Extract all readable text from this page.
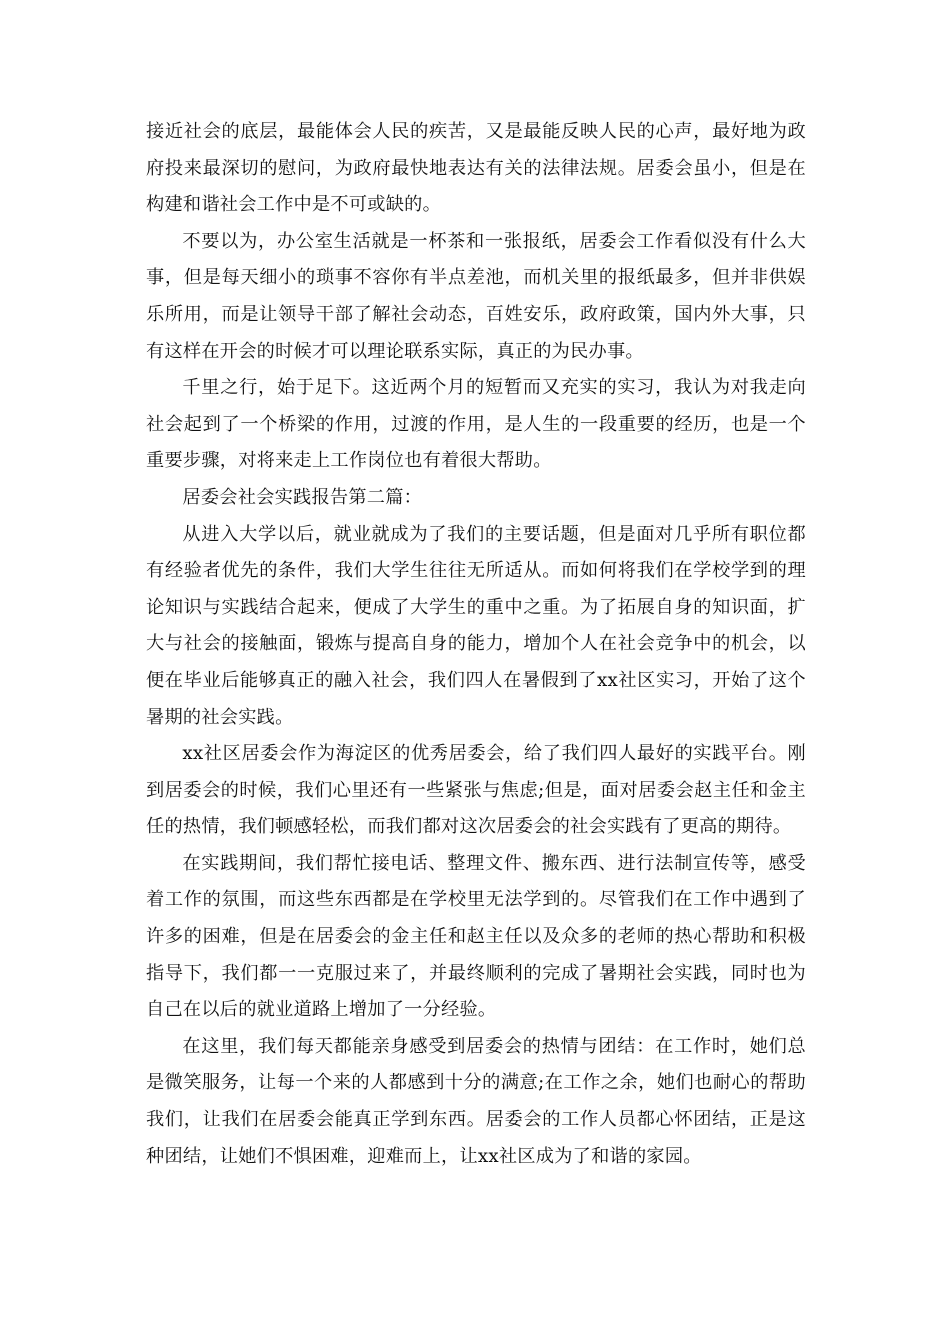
接近社会的底层，最能体会人民的疾苦，又是最能反映人民的心声，最好地为政府投来最深切的慰问，为政府最快地表达有关的法律法规。居委会虽小，但是在构建和谐社会工作中是不可或缺的。

不要以为，办公室生活就是一杯茶和一张报纸，居委会工作看似没有什么大事，但是每天细小的琐事不容你有半点差池，而机关里的报纸最多，但并非供娱乐所用，而是让领导干部了解社会动态，百姓安乐，政府政策，国内外大事，只有这样在开会的时候才可以理论联系实际，真正的为民办事。

千里之行，始于足下。这近两个月的短暂而又充实的实习，我认为对我走向社会起到了一个桥梁的作用，过渡的作用，是人生的一段重要的经历，也是一个重要步骤，对将来走上工作岗位也有着很大帮助。

居委会社会实践报告第二篇：

从进入大学以后，就业就成为了我们的主要话题，但是面对几乎所有职位都有经验者优先的条件，我们大学生往往无所适从。而如何将我们在学校学到的理论知识与实践结合起来，便成了大学生的重中之重。为了拓展自身的知识面，扩大与社会的接触面，锻炼与提高自身的能力，增加个人在社会竞争中的机会，以便在毕业后能够真正的融入社会，我们四人在暑假到了xx社区实习，开始了这个暑期的社会实践。

xx社区居委会作为海淀区的优秀居委会，给了我们四人最好的实践平台。刚到居委会的时候，我们心里还有一些紧张与焦虑;但是，面对居委会赵主任和金主任的热情，我们顿感轻松，而我们都对这次居委会的社会实践有了更高的期待。

在实践期间，我们帮忙接电话、整理文件、搬东西、进行法制宣传等，感受着工作的氛围，而这些东西都是在学校里无法学到的。尽管我们在工作中遇到了许多的困难，但是在居委会的金主任和赵主任以及众多的老师的热心帮助和积极指导下，我们都一一克服过来了，并最终顺利的完成了暑期社会实践，同时也为自己在以后的就业道路上增加了一分经验。

在这里，我们每天都能亲身感受到居委会的热情与团结：在工作时，她们总是微笑服务，让每一个来的人都感到十分的满意;在工作之余，她们也耐心的帮助我们，让我们在居委会能真正学到东西。居委会的工作人员都心怀团结，正是这种团结，让她们不惧困难，迎难而上，让xx社区成为了和谐的家园。
